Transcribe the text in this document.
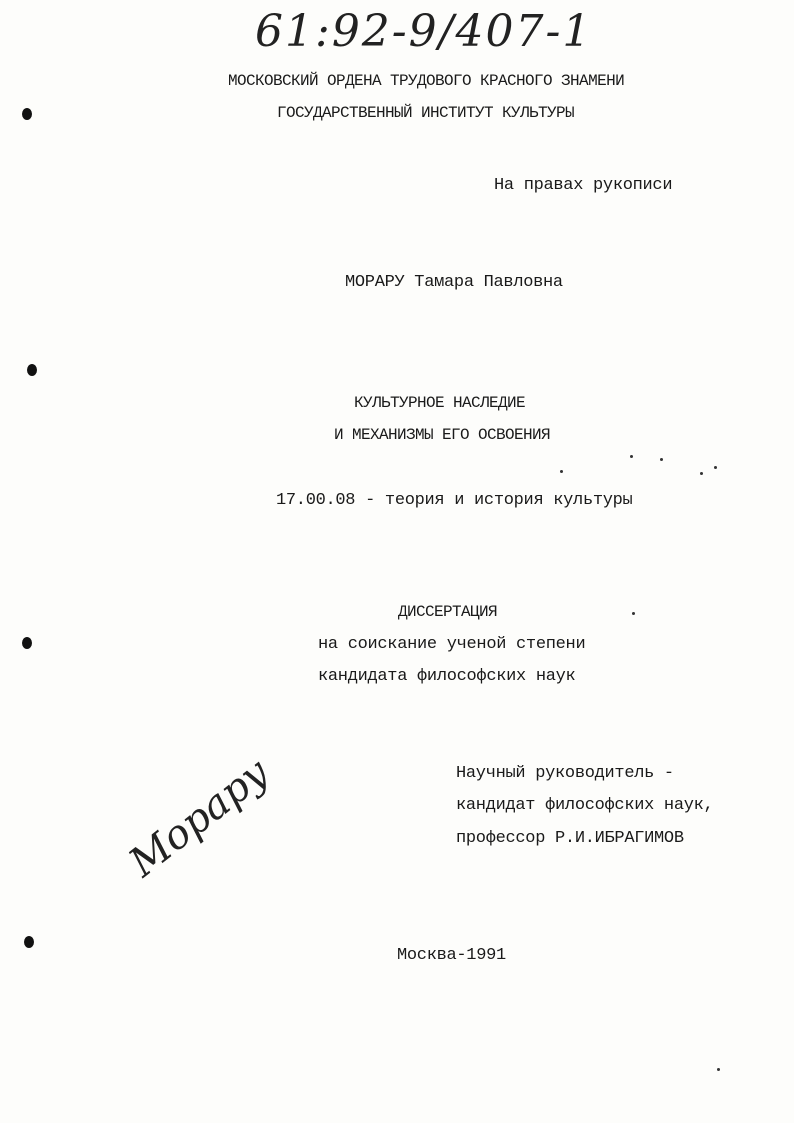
61:92-9/407-1
МОСКОВСКИЙ ОРДЕНА ТРУДОВОГО КРАСНОГО ЗНАМЕНИ
ГОСУДАРСТВЕННЫЙ ИНСТИТУТ КУЛЬТУРЫ
На правах рукописи
МОРАРУ Тамара Павловна
КУЛЬТУРНОЕ НАСЛЕДИЕ
И МЕХАНИЗМЫ ЕГО ОСВОЕНИЯ
17.00.08 - теория и история культуры
ДИССЕРТАЦИЯ
на соискание ученой степени
кандидата философских наук
Научный руководитель -
кандидат философских наук,
профессор Р.И.ИБРАГИМОВ
Морару
Москва-1991
